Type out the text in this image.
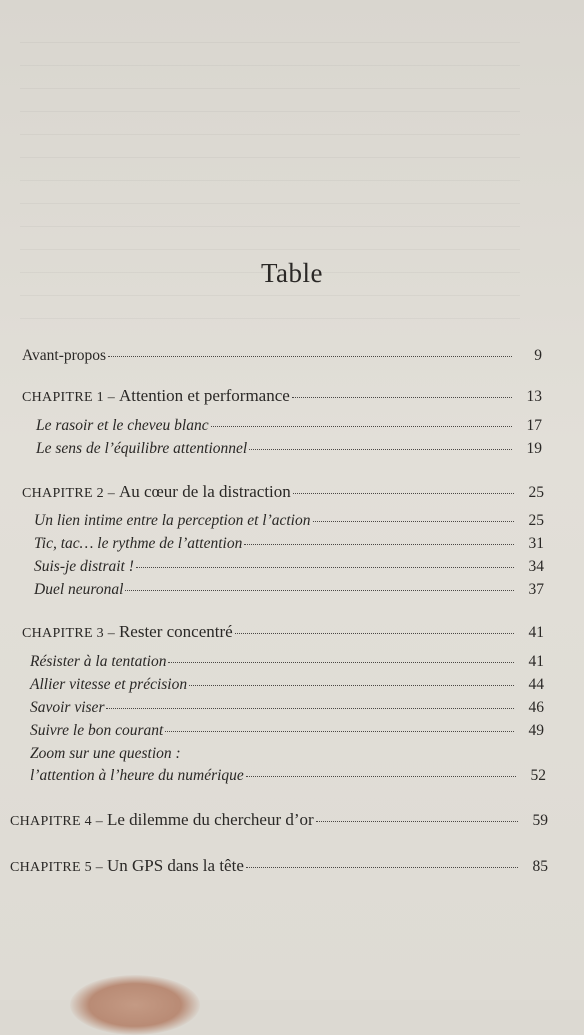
Table
Avant-propos	9
CHAPITRE 1 – Attention et performance	13
Le rasoir et le cheveu blanc	17
Le sens de l’équilibre attentionnel	19
CHAPITRE 2 – Au cœur de la distraction	25
Un lien intime entre la perception et l’action	25
Tic, tac… le rythme de l’attention	31
Suis-je distrait !	34
Duel neuronal	37
CHAPITRE 3 – Rester concentré	41
Résister à la tentation	41
Allier vitesse et précision	44
Savoir viser	46
Suivre le bon courant	49
Zoom sur une question :
l’attention à l’heure du numérique	52
CHAPITRE 4 – Le dilemme du chercheur d’or	59
CHAPITRE 5 – Un GPS dans la tête	85
